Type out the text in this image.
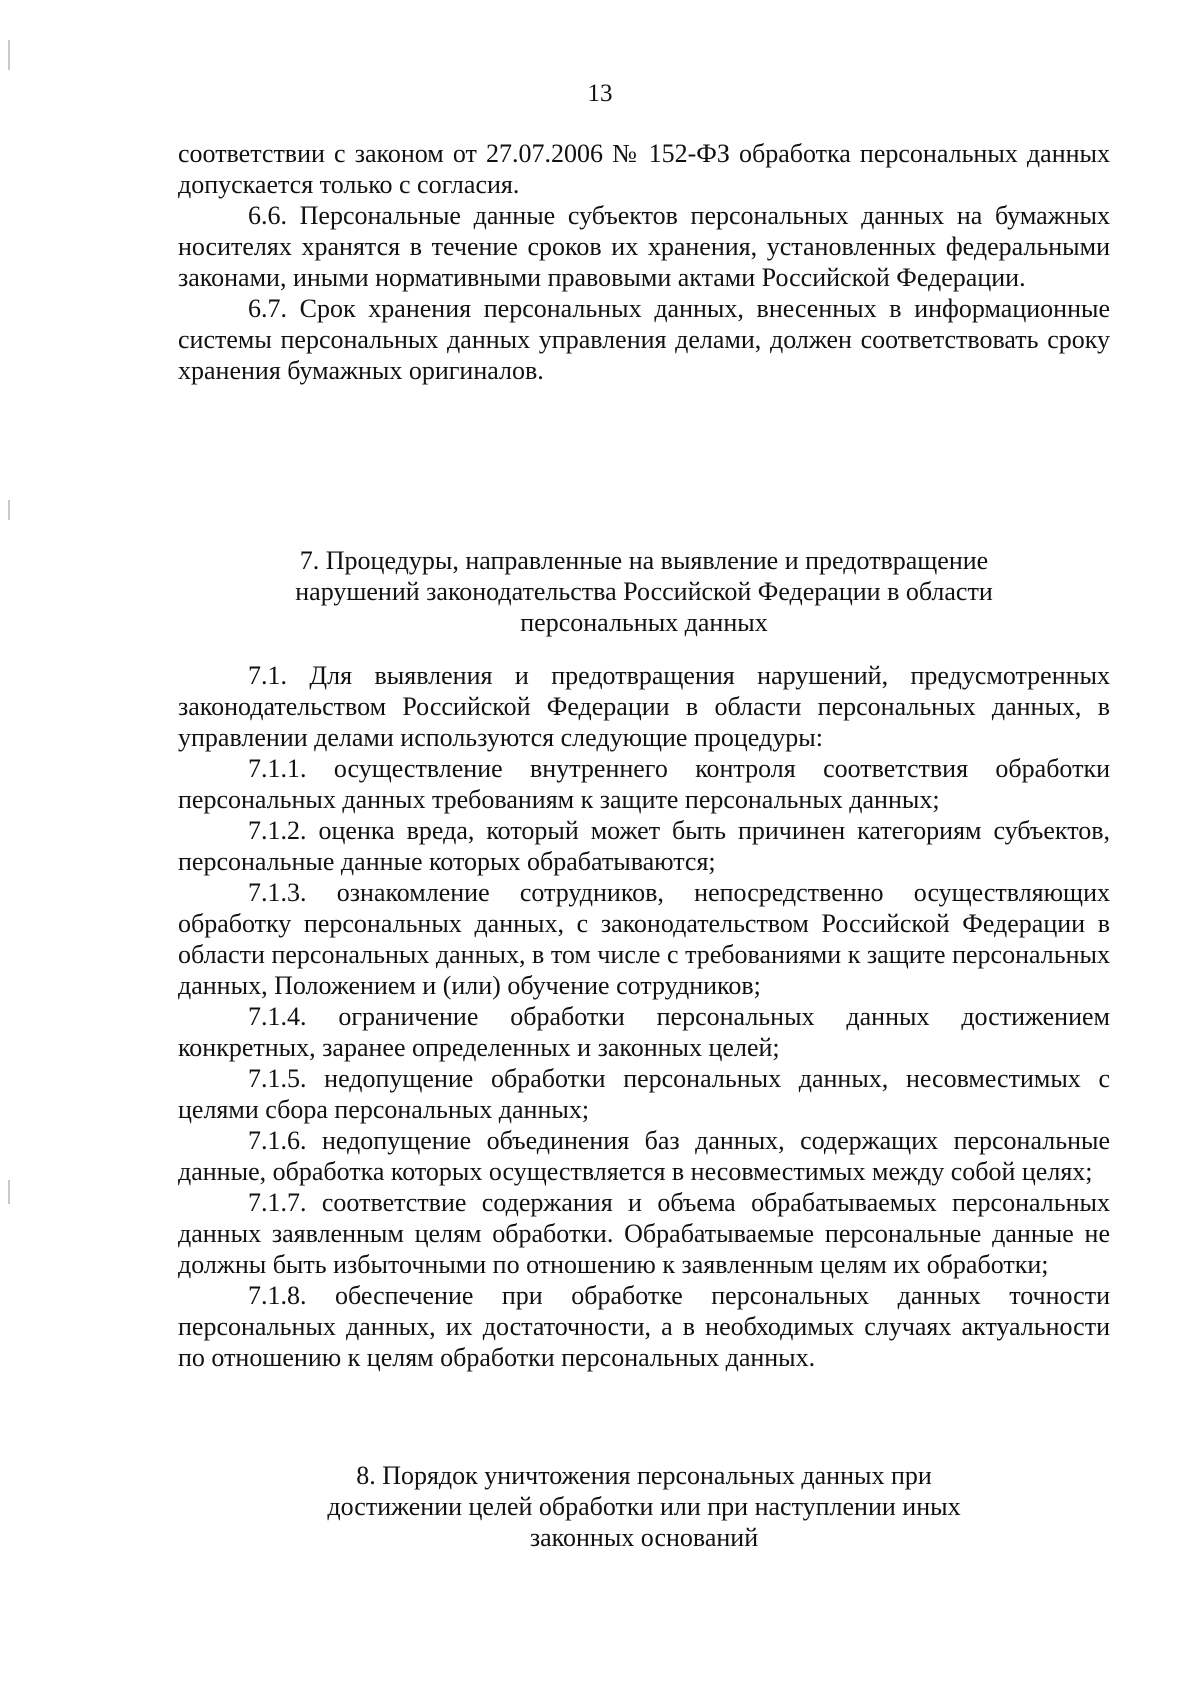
13

соответствии с законом от 27.07.2006 № 152-ФЗ обработка персональных данных допускается только с согласия.

6.6. Персональные данные субъектов персональных данных на бумажных носителях хранятся в течение сроков их хранения, установленных федеральными законами, иными нормативными правовыми актами Российской Федерации.

6.7. Срок хранения персональных данных, внесенных в информационные системы персональных данных управления делами, должен соответствовать сроку хранения бумажных оригиналов.

7. Процедуры, направленные на выявление и предотвращение

нарушений законодательства Российской Федерации в области

персональных данных

7.1. Для выявления и предотвращения нарушений, предусмотренных законодательством Российской Федерации в области персональных данных, в управлении делами используются следующие процедуры:

7.1.1. осуществление внутреннего контроля соответствия обработки персональных данных требованиям к защите персональных данных;

7.1.2. оценка вреда, который может быть причинен категориям субъектов, персональные данные которых обрабатываются;

7.1.3. ознакомление сотрудников, непосредственно осуществляющих обработку персональных данных, с законодательством Российской Федерации в области персональных данных, в том числе с требованиями к защите персональных данных, Положением и (или) обучение сотрудников;

7.1.4. ограничение обработки персональных данных достижением конкретных, заранее определенных и законных целей;

7.1.5. недопущение обработки персональных данных, несовместимых с целями сбора персональных данных;

7.1.6. недопущение объединения баз данных, содержащих персональные данные, обработка которых осуществляется в несовместимых между собой целях;

7.1.7. соответствие содержания и объема обрабатываемых персональных данных заявленным целям обработки. Обрабатываемые персональные данные не должны быть избыточными по отношению к заявленным целям их обработки;

7.1.8. обеспечение при обработке персональных данных точности персональных данных, их достаточности, а в необходимых случаях актуальности по отношению к целям обработки персональных данных.

8. Порядок уничтожения персональных данных при

достижении целей обработки или при наступлении иных

законных оснований
